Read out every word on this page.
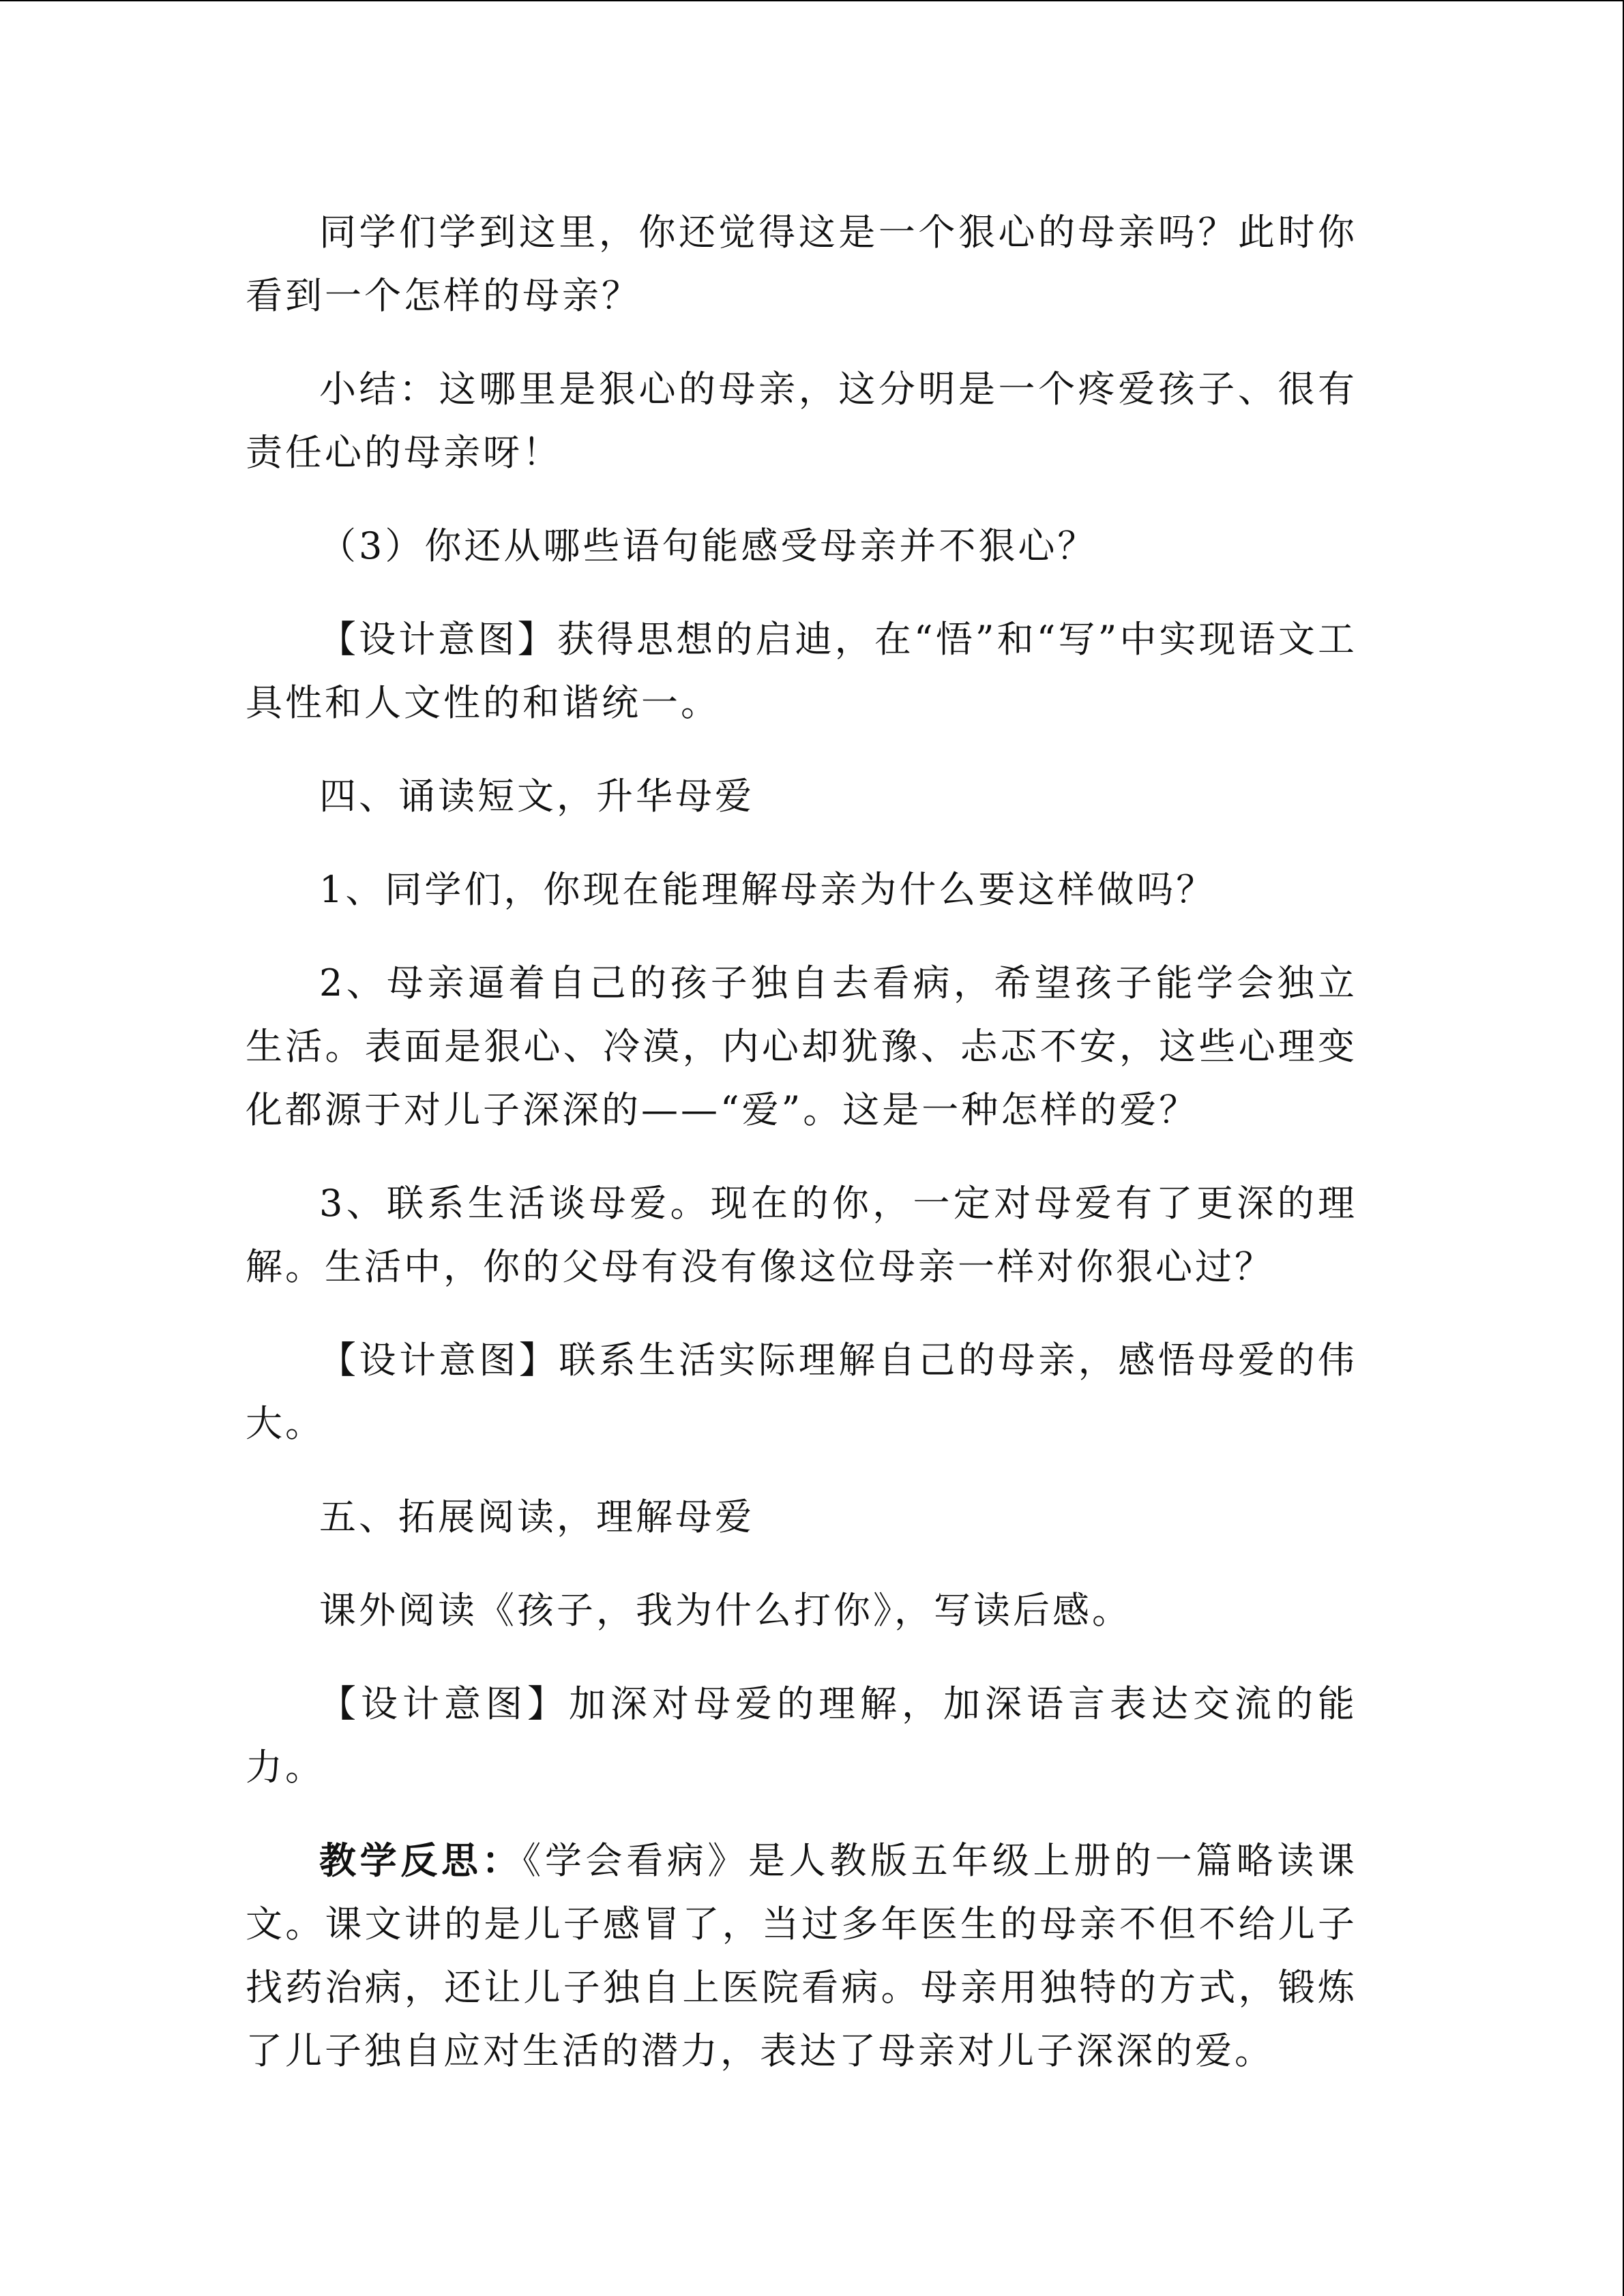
同学们学到这里，你还觉得这是一个狠心的母亲吗？此时你看到一个怎样的母亲？

小结：这哪里是狠心的母亲，这分明是一个疼爱孩子、很有责任心的母亲呀！

（3）你还从哪些语句能感受母亲并不狠心？

【设计意图】获得思想的启迪，在“悟”和“写”中实现语文工具性和人文性的和谐统一。

四、诵读短文，升华母爱

1、同学们，你现在能理解母亲为什么要这样做吗？

2、母亲逼着自己的孩子独自去看病，希望孩子能学会独立生活。表面是狠心、冷漠，内心却犹豫、忐忑不安，这些心理变化都源于对儿子深深的——“爱”。这是一种怎样的爱？

3、联系生活谈母爱。现在的你，一定对母爱有了更深的理解。生活中，你的父母有没有像这位母亲一样对你狠心过？

【设计意图】联系生活实际理解自己的母亲，感悟母爱的伟大。

五、拓展阅读，理解母爱

课外阅读《孩子，我为什么打你》，写读后感。

【设计意图】加深对母爱的理解，加深语言表达交流的能力。

教学反思：《学会看病》是人教版五年级上册的一篇略读课文。课文讲的是儿子感冒了，当过多年医生的母亲不但不给儿子找药治病，还让儿子独自上医院看病。母亲用独特的方式，锻炼了儿子独自应对生活的潜力，表达了母亲对儿子深深的爱。
